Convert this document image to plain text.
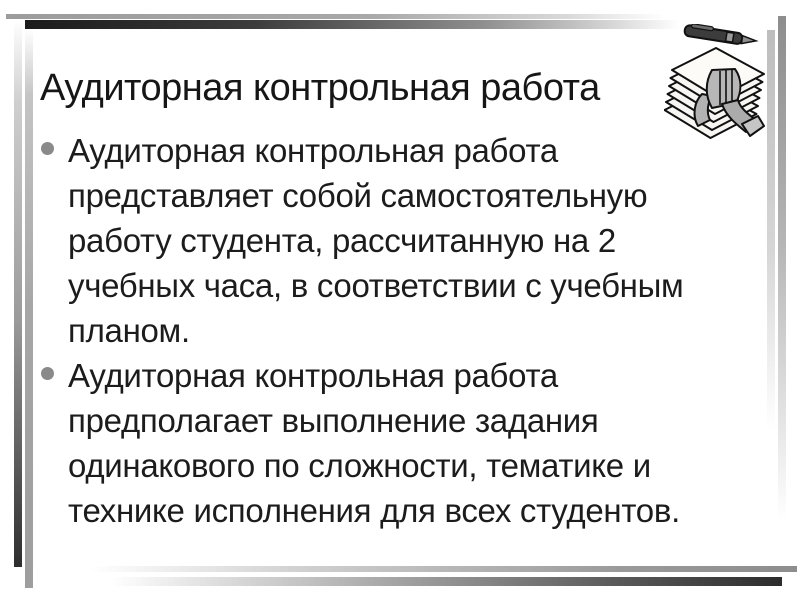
Аудиторная контрольная работа
Аудиторная контрольная работа
представляет собой самостоятельную
работу студента, рассчитанную на 2
учебных часа, в соответствии с учебным
планом.
Аудиторная контрольная работа
предполагает выполнение задания
одинакового по сложности, тематике и
технике исполнения для всех студентов.
